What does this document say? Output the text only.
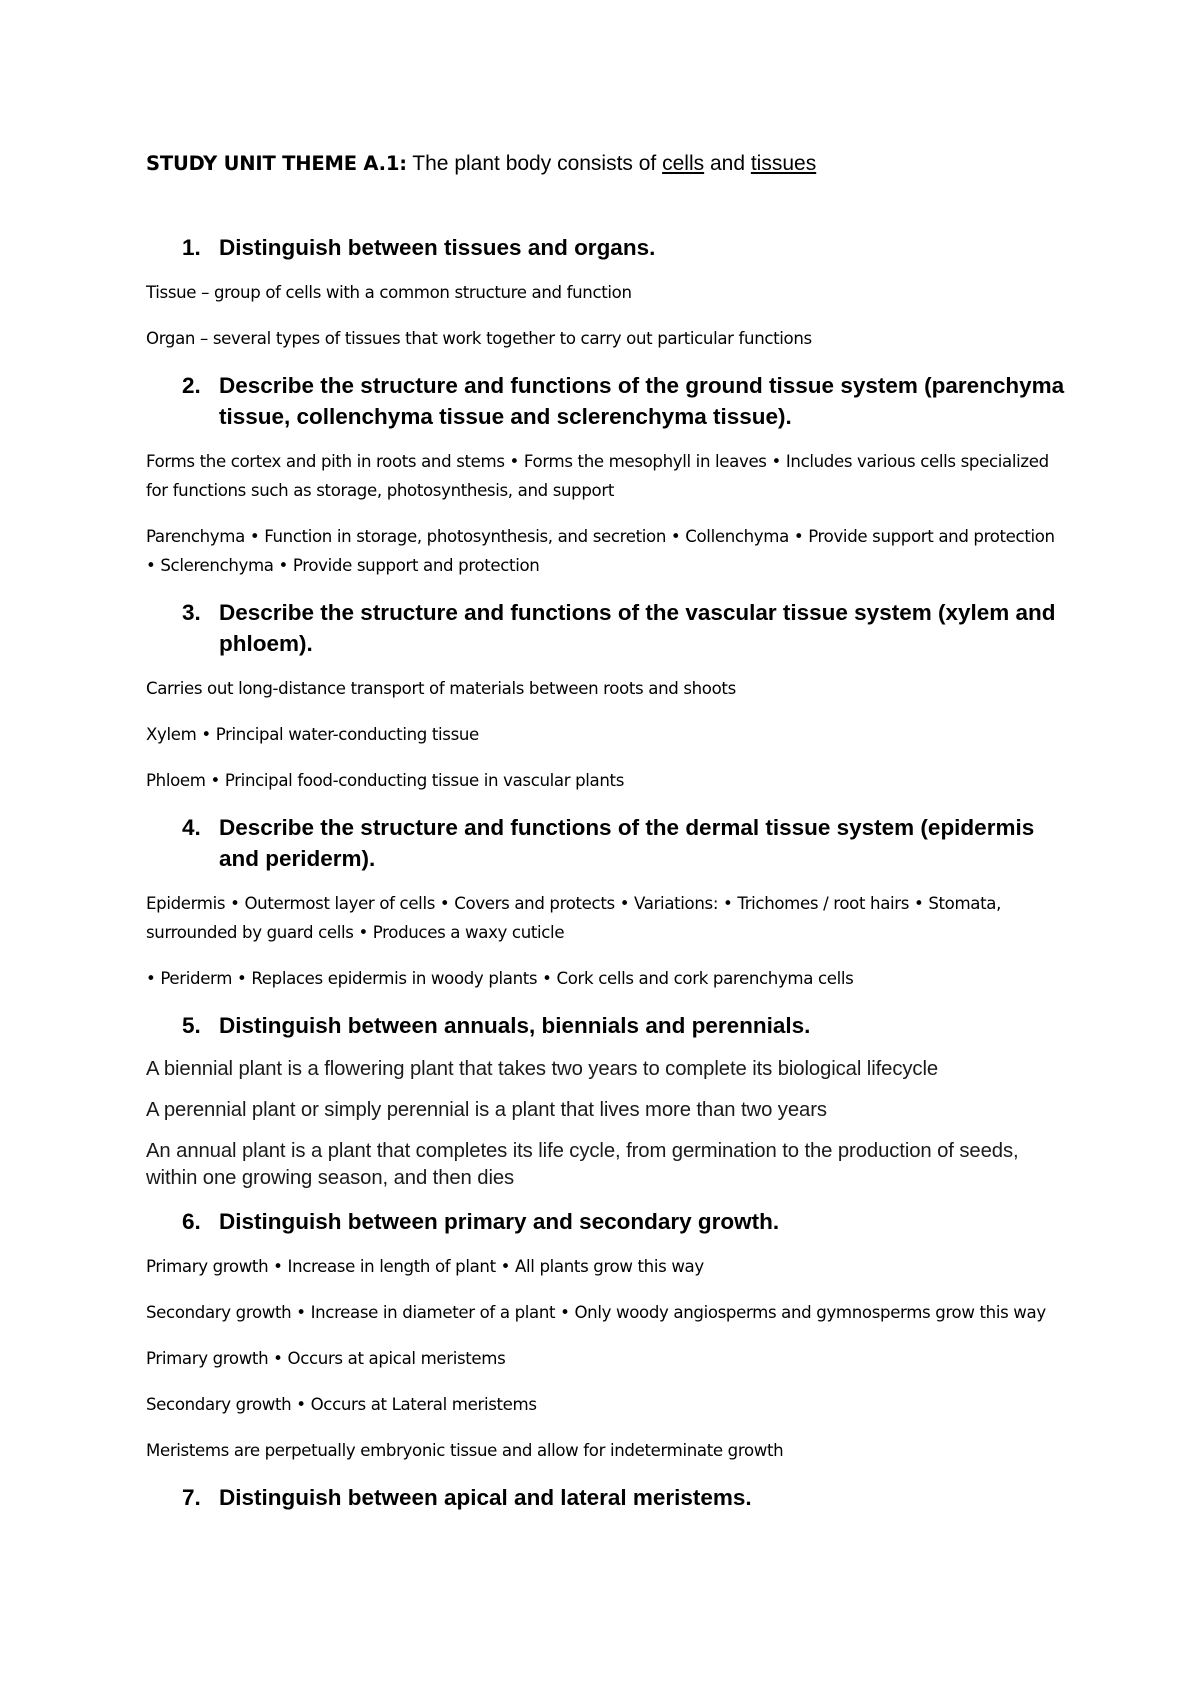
STUDY UNIT THEME A.1: The plant body consists of cells and tissues
1. Distinguish between tissues and organs.
Tissue – group of cells with a common structure and function
Organ – several types of tissues that work together to carry out particular functions
2. Describe the structure and functions of the ground tissue system (parenchyma tissue, collenchyma tissue and sclerenchyma tissue).
Forms the cortex and pith in roots and stems • Forms the mesophyll in leaves • Includes various cells specialized for functions such as storage, photosynthesis, and support
Parenchyma • Function in storage, photosynthesis, and secretion • Collenchyma • Provide support and protection • Sclerenchyma • Provide support and protection
3. Describe the structure and functions of the vascular tissue system (xylem and phloem).
Carries out long-distance transport of materials between roots and shoots
Xylem • Principal water-conducting tissue
Phloem • Principal food-conducting tissue in vascular plants
4. Describe the structure and functions of the dermal tissue system (epidermis and periderm).
Epidermis • Outermost layer of cells • Covers and protects • Variations: • Trichomes / root hairs • Stomata, surrounded by guard cells • Produces a waxy cuticle
• Periderm • Replaces epidermis in woody plants • Cork cells and cork parenchyma cells
5. Distinguish between annuals, biennials and perennials.
A biennial plant is a flowering plant that takes two years to complete its biological lifecycle
A perennial plant or simply perennial is a plant that lives more than two years
An annual plant is a plant that completes its life cycle, from germination to the production of seeds, within one growing season, and then dies
6. Distinguish between primary and secondary growth.
Primary growth • Increase in length of plant • All plants grow this way
Secondary growth • Increase in diameter of a plant • Only woody angiosperms and gymnosperms grow this way
Primary growth • Occurs at apical meristems
Secondary growth • Occurs at Lateral meristems
Meristems are perpetually embryonic tissue and allow for indeterminate growth
7. Distinguish between apical and lateral meristems.
